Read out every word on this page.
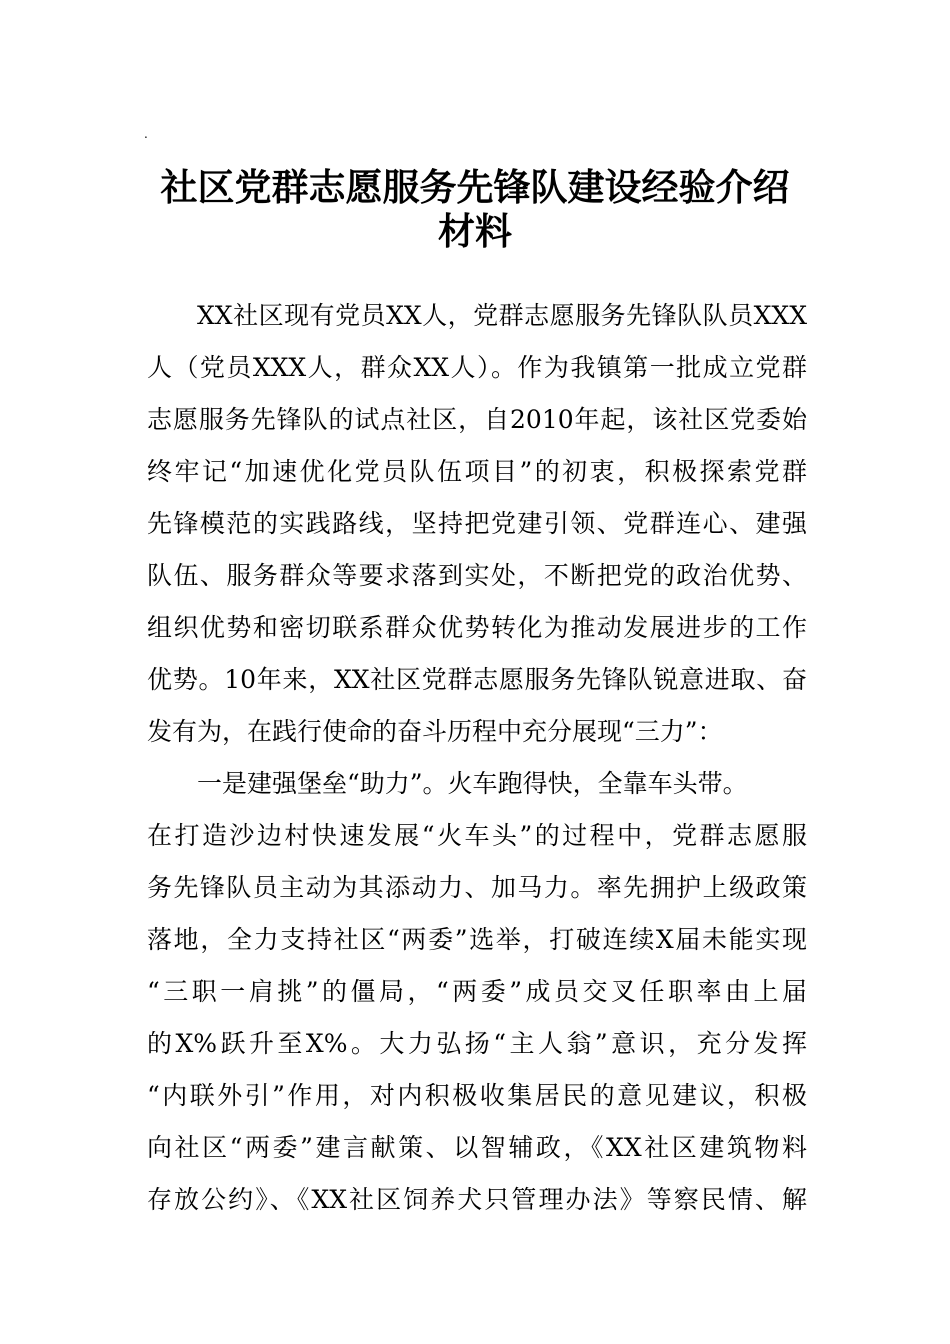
.
社区党群志愿服务先锋队建设经验介绍材料
XX社区现有党员XX人，党群志愿服务先锋队队员XXX
人（党员XXX人，群众XX人）。作为我镇第一批成立党群
志愿服务先锋队的试点社区，自2010年起，该社区党委始
终牢记“加速优化党员队伍项目”的初衷，积极探索党群
先锋模范的实践路线，坚持把党建引领、党群连心、建强
队伍、服务群众等要求落到实处，不断把党的政治优势、
组织优势和密切联系群众优势转化为推动发展进步的工作
优势。10年来，XX社区党群志愿服务先锋队锐意进取、奋
发有为，在践行使命的奋斗历程中充分展现“三力”：
一是建强堡垒“助力”。火车跑得快，全靠车头带。
在打造沙边村快速发展“火车头”的过程中，党群志愿服
务先锋队员主动为其添动力、加马力。率先拥护上级政策
落地，全力支持社区“两委”选举，打破连续X届未能实现
“三职一肩挑”的僵局，“两委”成员交叉任职率由上届
的X%跃升至X%。大力弘扬“主人翁”意识，充分发挥
“内联外引”作用，对内积极收集居民的意见建议，积极
向社区“两委”建言献策、以智辅政，《XX社区建筑物料
存放公约》、《XX社区饲养犬只管理办法》等察民情、解
